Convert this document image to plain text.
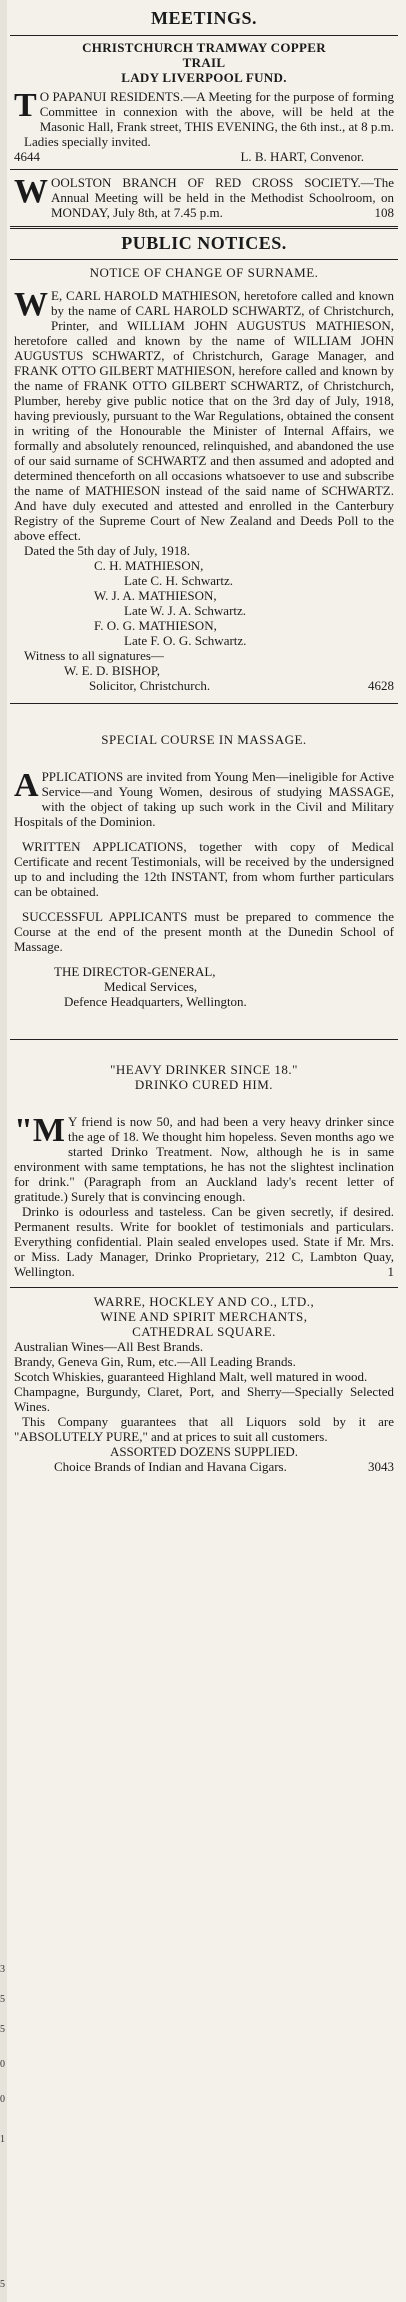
3
5
5
0
0
1
5
MEETINGS.
CHRISTCHURCH TRAMWAY COPPER
TRAIL
LADY LIVERPOOL FUND.
T O PAPANUI RESIDENTS.—A Meeting for the purpose of forming Committee in connexion with the above, will be held at the Masonic Hall, Frank street, THIS EVENING, the 6th inst., at 8 p.m.

Ladies specially invited.

4644	L. B. HART, Convenor.
W OOLSTON BRANCH OF RED CROSS SOCIETY.—The Annual Meeting will be held in the Methodist Schoolroom, on MONDAY, July 8th, at 7.45 p.m.	108
PUBLIC NOTICES.
NOTICE OF CHANGE OF SURNAME.
W E, CARL HAROLD MATHIESON, heretofore called and known by the name of CARL HAROLD SCHWARTZ, of Christchurch, Printer, and WILLIAM JOHN AUGUSTUS MATHIESON, heretofore called and known by the name of WILLIAM JOHN AUGUSTUS SCHWARTZ, of Christchurch, Garage Manager, and FRANK OTTO GILBERT MATHIESON, herefore called and known by the name of FRANK OTTO GILBERT SCHWARTZ, of Christchurch, Plumber, hereby give public notice that on the 3rd day of July, 1918, having previously, pursuant to the War Regulations, obtained the consent in writing of the Honourable the Minister of Internal Affairs, we formally and absolutely renounced, relinquished, and abandoned the use of our said surname of SCHWARTZ and then assumed and adopted and determined thenceforth on all occasions whatsoever to use and subscribe the name of MATHIESON instead of the said name of SCHWARTZ. And have duly executed and attested and enrolled in the Canterbury Registry of the Supreme Court of New Zealand and Deeds Poll to the above effect.

Dated the 5th day of July, 1918.

C. H. MATHIESON,

Late C. H. Schwartz.

W. J. A. MATHIESON,

Late W. J. A. Schwartz.

F. O. G. MATHIESON,

Late F. O. G. Schwartz.

Witness to all signatures—

W. E. D. BISHOP,

Solicitor, Christchurch.	4628
SPECIAL COURSE IN MASSAGE.
A PPLICATIONS are invited from Young Men—ineligible for Active Service—and Young Women, desirous of studying MASSAGE, with the object of taking up such work in the Civil and Military Hospitals of the Dominion.

WRITTEN APPLICATIONS, together with copy of Medical Certificate and recent Testimonials, will be received by the undersigned up to and including the 12th INSTANT, from whom further particulars can be obtained.

SUCCESSFUL APPLICANTS must be prepared to commence the Course at the end of the present month at the Dunedin School of Massage.

THE DIRECTOR-GENERAL,

Medical Services,

Defence Headquarters, Wellington.

"HEAVY DRINKER SINCE 18."
DRINKO CURED HIM.
"M Y friend is now 50, and had been a very heavy drinker since the age of 18. We thought him hopeless. Seven months ago we started Drinko Treatment. Now, although he is in same environment with same temptations, he has not the slightest inclination for drink." (Paragraph from an Auckland lady's recent letter of gratitude.) Surely that is convincing enough.

Drinko is odourless and tasteless. Can be given secretly, if desired. Permanent results. Write for booklet of testimonials and particulars. Everything confidential. Plain sealed envelopes used. State if Mr. Mrs. or Miss. Lady Manager, Drinko Proprietary, 212 C, Lambton Quay, Wellington.	1
WARRE, HOCKLEY AND CO., LTD.,
WINE AND SPIRIT MERCHANTS,
CATHEDRAL SQUARE.

Australian Wines—All Best Brands.

Brandy, Geneva Gin, Rum, etc.—All Leading Brands.

Scotch Whiskies, guaranteed Highland Malt, well matured in wood.

Champagne, Burgundy, Claret, Port, and Sherry—Specially Selected Wines.

This Company guarantees that all Liquors sold by it are "ABSOLUTELY PURE," and at prices to suit all customers.

ASSORTED DOZENS SUPPLIED.

Choice Brands of Indian and Havana Cigars.	3043
